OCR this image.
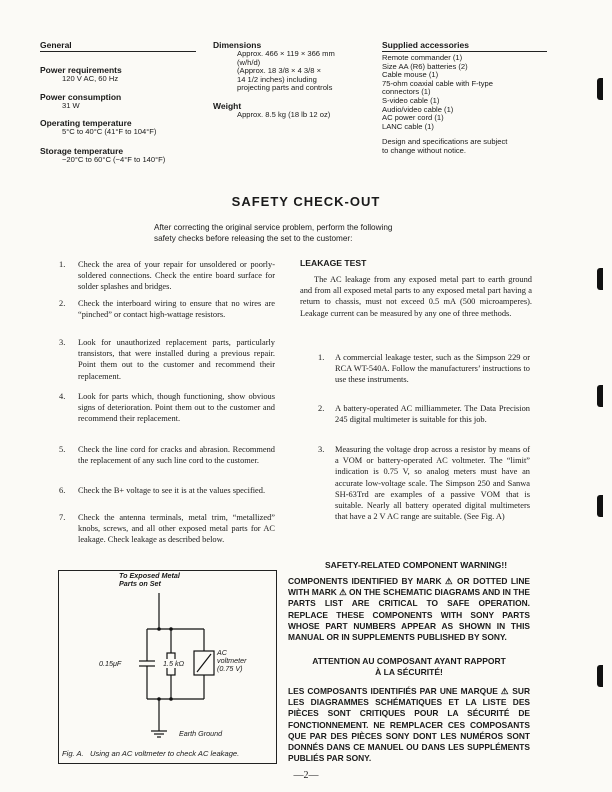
General
Power requirements
120 V AC, 60 Hz
Power consumption
31 W
Operating temperature
5°C to 40°C (41°F to 104°F)
Storage temperature
−20°C to 60°C (−4°F to 140°F)
Dimensions
Approx. 466 × 119 × 366 mm
(w/h/d)
(Approx. 18 3/8 × 4 3/8 ×
14 1/2 inches) including
projecting parts and controls
Weight
Approx. 8.5 kg (18 lb 12 oz)
Supplied accessories
Remote commander (1)
Size AA (R6) batteries (2)
Cable mouse (1)
75-ohm coaxial cable with F-type
connectors (1)
S-video cable (1)
Audio/video cable (1)
AC power cord (1)
LANC cable (1)
Design and specifications are subject
to change without notice.
SAFETY CHECK-OUT
After correcting the original service problem, perform the following
safety checks before releasing the set to the customer:
1.	Check the area of your repair for unsoldered or poorly-soldered connections. Check the entire board surface for solder splashes and bridges.
2.	Check the interboard wiring to ensure that no wires are “pinched” or contact high-wattage resistors.
3.	Look for unauthorized replacement parts, particularly transistors, that were installed during a previous repair. Point them out to the customer and recommend their replacement.
4.	Look for parts which, though functioning, show obvious signs of deterioration. Point them out to the customer and recommend their replacement.
5.	Check the line cord for cracks and abrasion. Recommend the replacement of any such line cord to the customer.
6.	Check the B+ voltage to see it is at the values specified.
7.	Check the antenna terminals, metal trim, “metallized” knobs, screws, and all other exposed metal parts for AC leakage. Check leakage as described below.
To Exposed Metal
Parts on Set
0.15μF	1.5 kΩ
AC
voltmeter
(0.75 V)
Earth Ground
Fig. A.   Using an AC voltmeter to check AC leakage.
LEAKAGE TEST
The AC leakage from any exposed metal part to earth ground and from all exposed metal parts to any exposed metal part having a return to chassis, must not exceed 0.5 mA (500 microamperes). Leakage current can be measured by any one of three methods.
1. A commercial leakage tester, such as the Simpson 229 or RCA WT-540A. Follow the manufacturers’ instructions to use these instruments.
2. A battery-operated AC milliammeter. The Data Precision 245 digital multimeter is suitable for this job.
3. Measuring the voltage drop across a resistor by means of a VOM or battery-operated AC voltmeter. The “limit” indication is 0.75 V, so analog meters must have an accurate low-voltage scale. The Simpson 250 and Sanwa SH-63Trd are examples of a passive VOM that is suitable. Nearly all battery operated digital multimeters that have a 2 V AC range are suitable. (See Fig. A)
SAFETY-RELATED COMPONENT WARNING!!
COMPONENTS IDENTIFIED BY MARK ⚠ OR DOTTED LINE WITH MARK ⚠ ON THE SCHEMATIC DIAGRAMS AND IN THE PARTS LIST ARE CRITICAL TO SAFE OPERATION. REPLACE THESE COMPONENTS WITH SONY PARTS WHOSE PART NUMBERS APPEAR AS SHOWN IN THIS MANUAL OR IN SUPPLEMENTS PUBLISHED BY SONY.
ATTENTION AU COMPOSANT AYANT RAPPORT
À LA SÉCURITÉ!
LES COMPOSANTS IDENTIFIÉS PAR UNE MARQUE ⚠ SUR LES DIAGRAMMES SCHÉMATIQUES ET LA LISTE DES PIÈCES SONT CRITIQUES POUR LA SÉCURITÉ DE FONCTIONNEMENT. NE REMPLACER CES COMPOSANTS QUE PAR DES PIÈCES SONY DONT LES NUMÉROS SONT DONNÉS DANS CE MANUEL OU DANS LES SUPPLÉMENTS PUBLIÉS PAR SONY.
—2—
